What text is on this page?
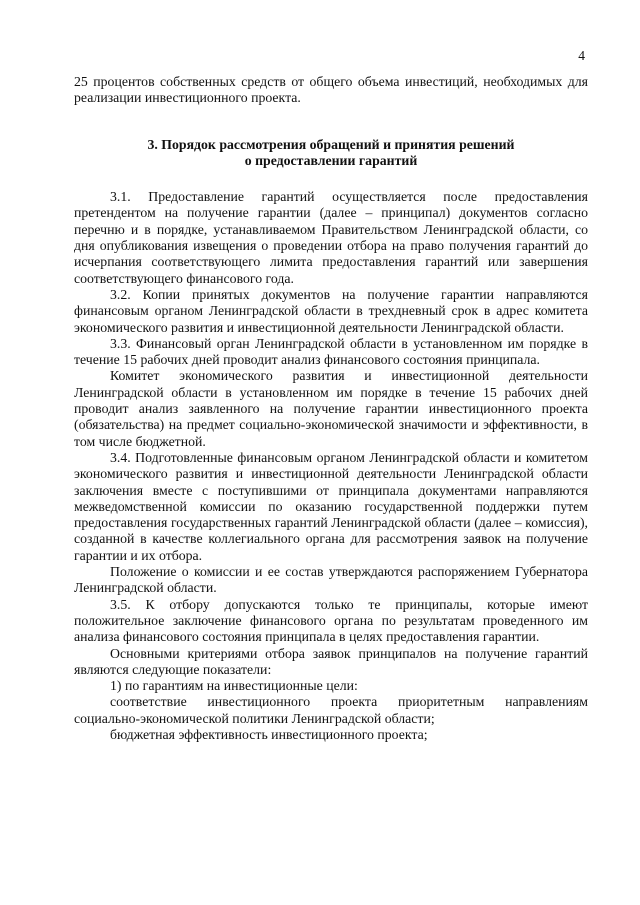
4

25 процентов собственных средств от общего объема инвестиций, необходимых для реализации инвестиционного проекта.

3. Порядок рассмотрения обращений и принятия решений
о предоставлении гарантий

3.1. Предоставление гарантий осуществляется после предоставления претендентом на получение гарантии (далее – принципал) документов согласно перечню и в порядке, устанавливаемом Правительством Ленинградской области, со дня опубликования извещения о проведении отбора на право получения гарантий до исчерпания соответствующего лимита предоставления гарантий или завершения соответствующего финансового года.

3.2. Копии принятых документов на получение гарантии направляются финансовым органом Ленинградской области в трехдневный срок в адрес комитета экономического развития и инвестиционной деятельности Ленинградской области.

3.3. Финансовый орган Ленинградской области в установленном им порядке в течение 15 рабочих дней проводит анализ финансового состояния принципала.

Комитет экономического развития и инвестиционной деятельности Ленинградской области в установленном им порядке в течение 15 рабочих дней проводит анализ заявленного на получение гарантии инвестиционного проекта (обязательства) на предмет социально-экономической значимости и эффективности, в том числе бюджетной.

3.4. Подготовленные финансовым органом Ленинградской области и комитетом экономического развития и инвестиционной деятельности Ленинградской области заключения вместе с поступившими от принципала документами направляются межведомственной комиссии по оказанию государственной поддержки путем предоставления государственных гарантий Ленинградской области (далее – комиссия), созданной в качестве коллегиального органа для рассмотрения заявок на получение гарантии и их отбора.

Положение о комиссии и ее состав утверждаются распоряжением Губернатора Ленинградской области.

3.5. К отбору допускаются только те принципалы, которые имеют положительное заключение финансового органа по результатам проведенного им анализа финансового состояния принципала в целях предоставления гарантии.

Основными критериями отбора заявок принципалов на получение гарантий являются следующие показатели:

1) по гарантиям на инвестиционные цели:

соответствие инвестиционного проекта приоритетным направлениям социально-экономической политики Ленинградской области;

бюджетная эффективность инвестиционного проекта;
